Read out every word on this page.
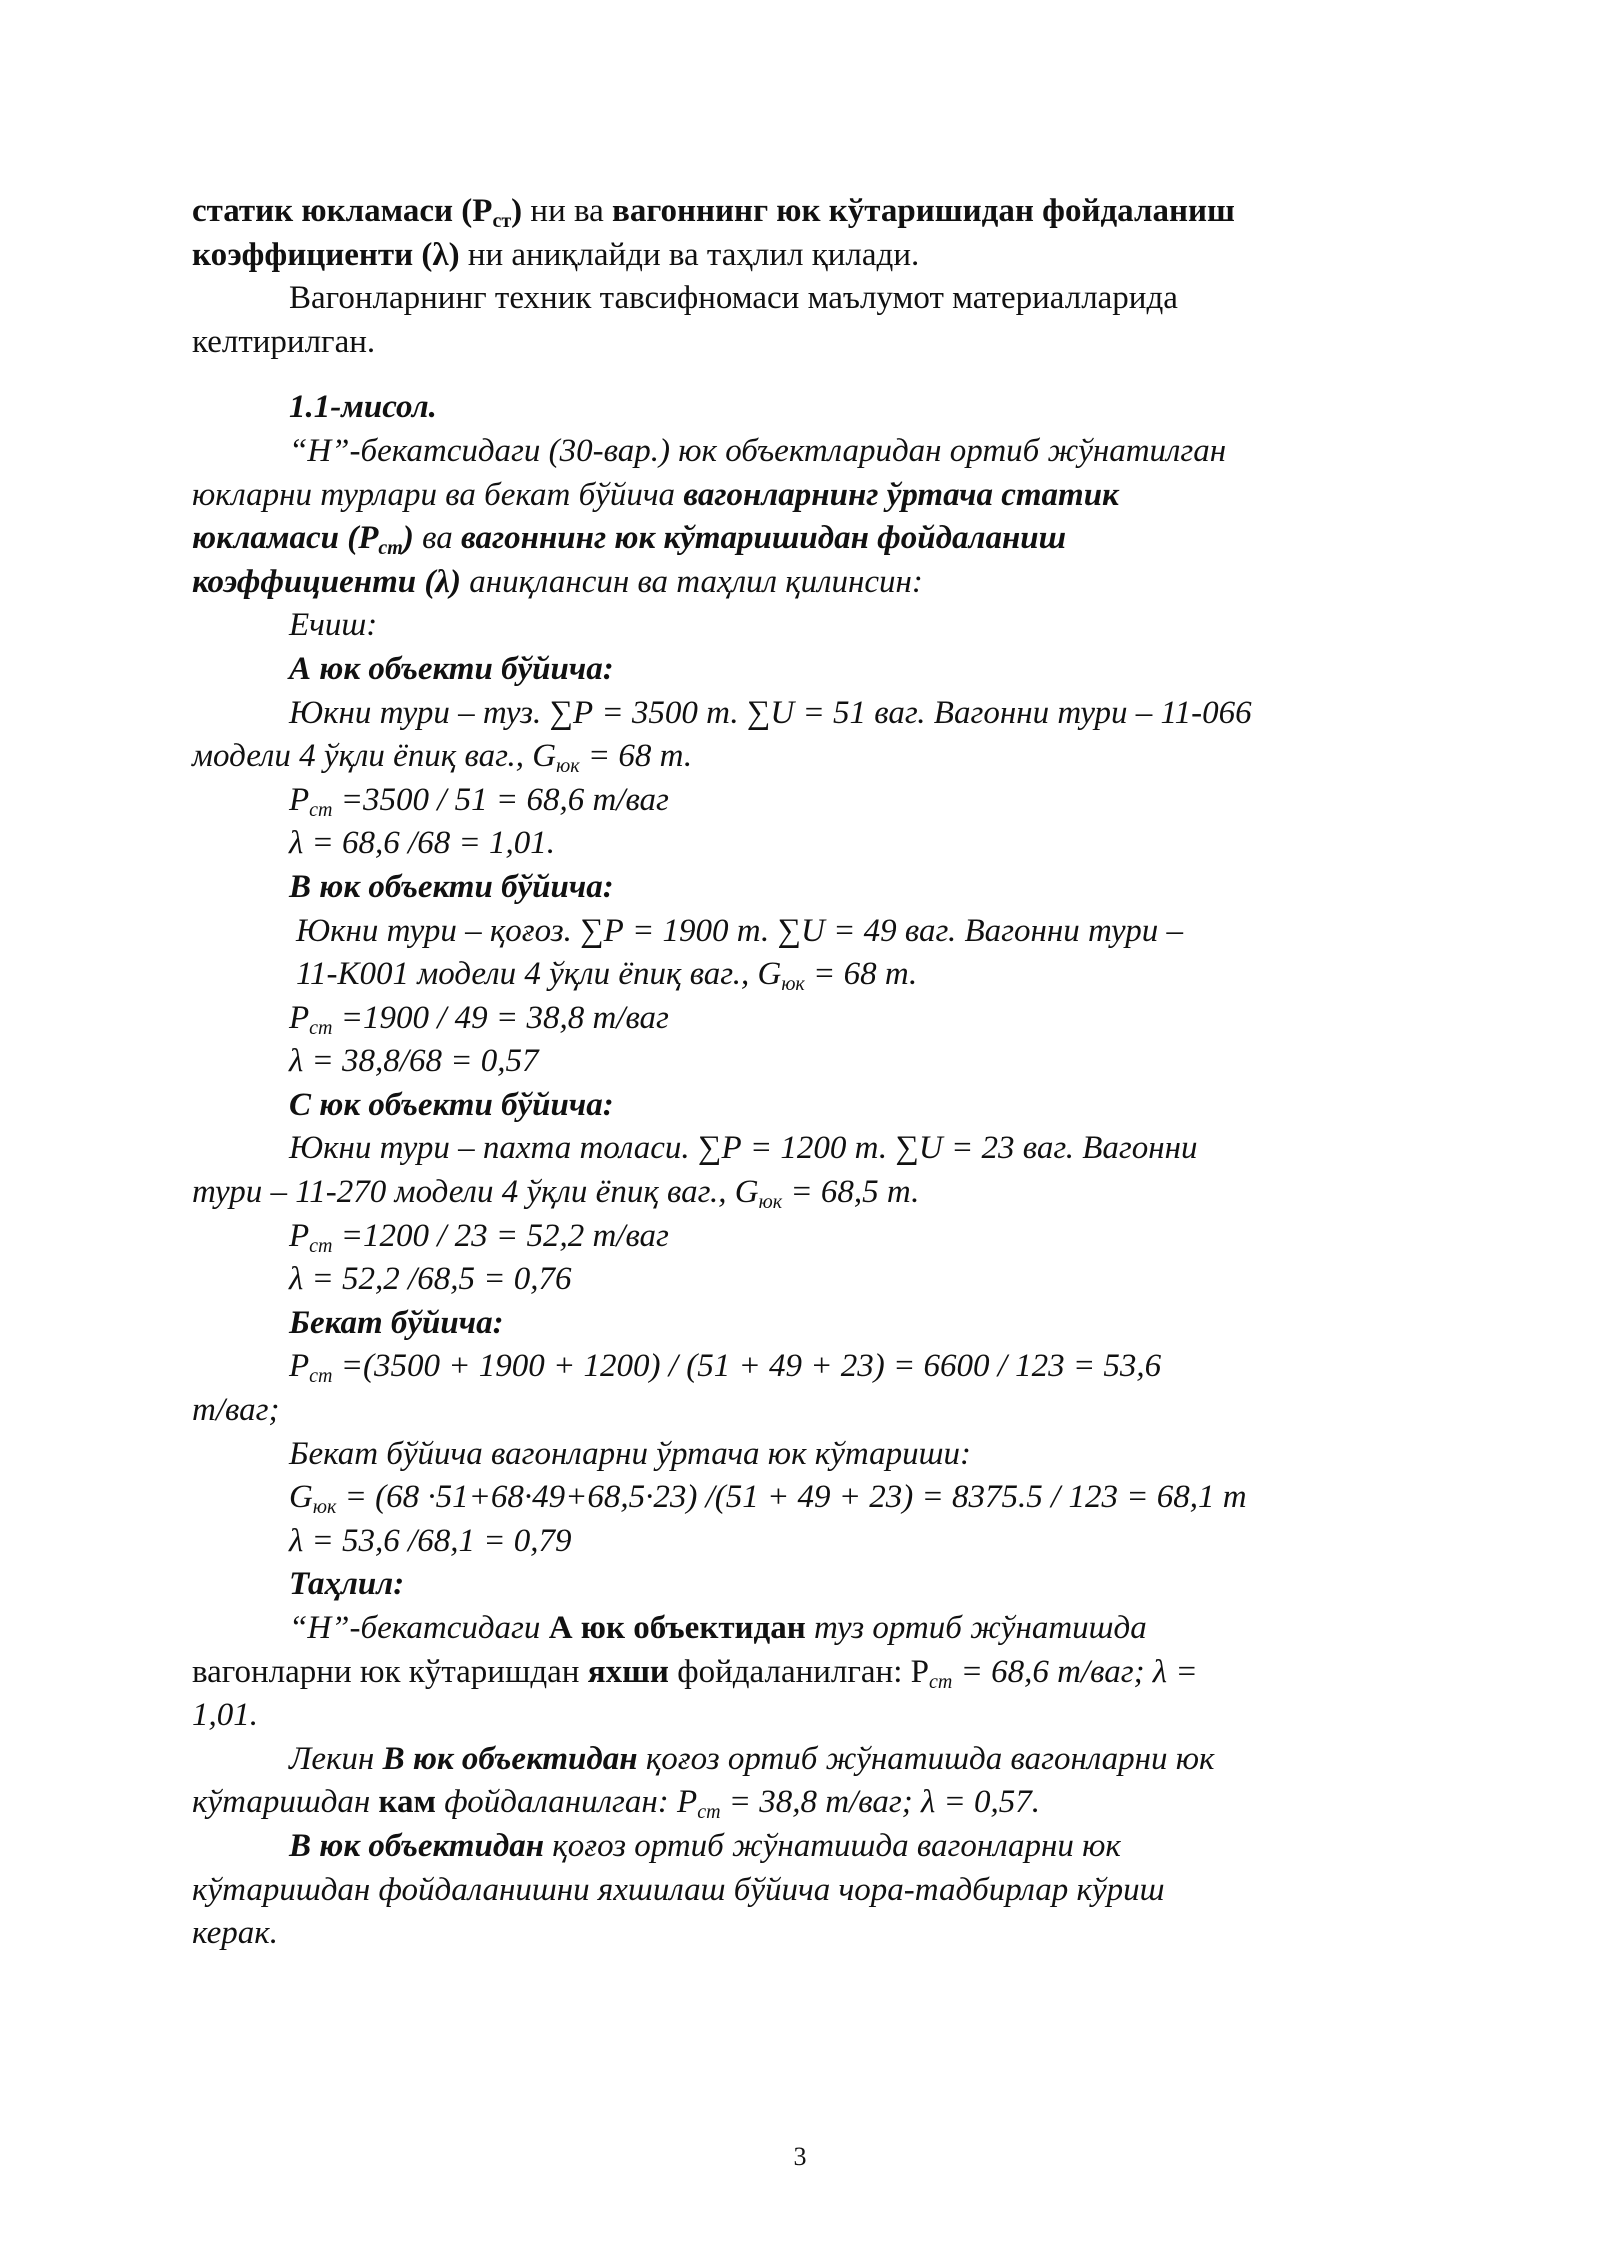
статик юкламаси $(P_{ст})$ ни ва вагоннинг юк кўтаришидан фойдаланиш
коэффициенти (λ) ни аниқлайди ва таҳлил қилади.
Вагонларнинг техник тавсифномаси маълумот материалларида
келтирилган.
1.1-мисол.
“Н”-бекатсидаги (30-вар.) юк объектларидан ортиб жўнатилган
юкларни турлари ва бекат бўйича вагонларнинг ўртача статик
юкламаси $(Р_{ст})$ ва вагоннинг юк кўтаришидан фойдаланиш
коэффициенти (λ) аниқлансин ва таҳлил қилинсин:
Ечиш:
А юк объекти бўйича:
Юкни тури – туз. ∑Р = 3500 т. ∑U = 51 ваг. Вагонни тури – 11-066
модели 4 ўқли ёпиқ ваг., $G_{юк} = 68$ т.
$Р_{ст} =3500 / 51 = 68,6$ т/ваг
λ = 68,6 /68 = 1,01.
В юк объекти бўйича:
Юкни тури – қоғоз. ∑Р = 1900 т. ∑U = 49 ваг. Вагонни тури –
11-К001 модели 4 ўқли ёпиқ ваг., $G_{юк} = 68$ т.
$Р_{ст} =1900 / 49 = 38,8$ т/ваг
λ = 38,8/68 = 0,57
С юк объекти бўйича:
Юкни тури – пахта толаси. ∑Р = 1200 т. ∑U = 23 ваг. Вагонни
тури – 11-270 модели 4 ўқли ёпиқ ваг., $G_{юк} = 68,5$ т.
$Р_{ст} =1200 / 23 = 52,2$ т/ваг
λ = 52,2 /68,5 = 0,76
Бекат бўйича:
$Р_{ст} =(3500 + 1900 + 1200) / (51 + 49 + 23) = 6600 / 123 = 53,6$
т/ваг;
Бекат бўйича вагонларни ўртача юк кўтариши:
$G_{юк} = (68 \cdot 51+68\cdot 49+68,5\cdot 23) /(51 + 49 + 23) = 8375.5 / 123 = 68,1$ т
λ = 53,6 /68,1 = 0,79
Таҳлил:
“Н”-бекатсидаги А юк объектидан туз ортиб жўнатишда
вагонларни юк кўтаришдан яхши фойдаланилган: $Р_{ст} = 68,6$ т/ваг; λ =
1,01.
Лекин В юк объектидан қоғоз ортиб жўнатишда вагонларни юк
кўтаришдан кам фойдаланилган: $Р_{ст} = 38,8$ т/ваг; λ = 0,57.
В юк объектидан қоғоз ортиб жўнатишда вагонларни юк
кўтаришдан фойдаланишни яхшилаш бўйича чора-тадбирлар кўриш
керак.
3
